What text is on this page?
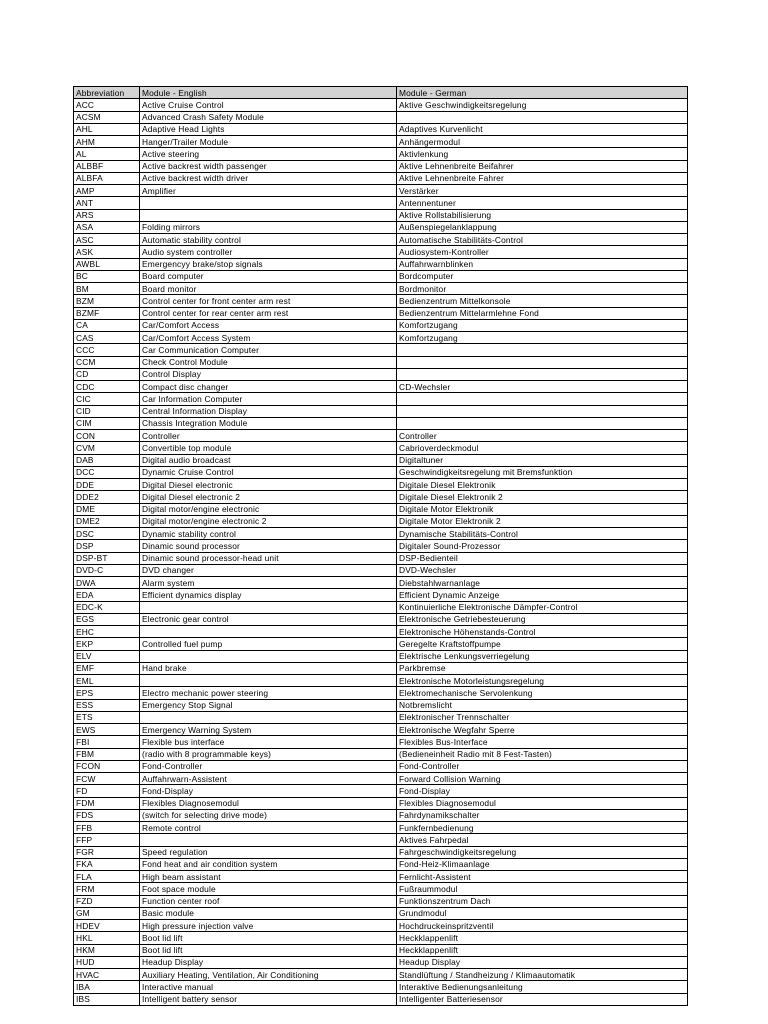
Abbreviation	Module - English	Module - German
ACC	Active Cruise Control	Aktive Geschwindigkeitsregelung
ACSM	Advanced Crash Safety Module	
AHL	Adaptive Head Lights	Adaptives Kurvenlicht
AHM	Hanger/Trailer Module	Anhängermodul
AL	Active steering	Aktivlenkung
ALBBF	Active backrest width passenger	Aktive Lehnenbreite Beifahrer
ALBFA	Active backrest width driver	Aktive Lehnenbreite Fahrer
AMP	Amplifier	Verstärker
ANT		Antennentuner
ARS		Aktive Rollstabilisierung
ASA	Folding mirrors	Außenspiegelanklappung
ASC	Automatic stability control	Automatische Stabilitäts-Control
ASK	Audio system controller	Audiosystem-Kontroller
AWBL	Emergencyy brake/stop signals	Auffahrwarnblinken
BC	Board computer	Bordcomputer
BM	Board monitor	Bordmonitor
BZM	Control center for front center arm rest	Bedienzentrum Mittelkonsole
BZMF	Control center for rear center arm rest	Bedienzentrum Mittelarmlehne Fond
CA	Car/Comfort Access	Komfortzugang
CAS	Car/Comfort Access System	Komfortzugang
CCC	Car Communication Computer	
CCM	Check Control Module	
CD	Control Display	
CDC	Compact disc changer	CD-Wechsler
CIC	Car Information Computer	
CID	Central Information Display	
CIM	Chassis Integration Module	
CON	Controller	Controller
CVM	Convertible top module	Cabrioverdeckmodul
DAB	Digital audio broadcast	Digitaltuner
DCC	Dynamic Cruise Control	Geschwindigkeitsregelung mit Bremsfunktion
DDE	Digital Diesel electronic	Digitale Diesel Elektronik
DDE2	Digital Diesel electronic 2	Digitale Diesel Elektronik 2
DME	Digital motor/engine electronic	Digitale Motor Elektronik
DME2	Digital motor/engine electronic 2	Digitale Motor Elektronik 2
DSC	Dynamic stability control	Dynamische Stabilitäts-Control
DSP	Dinamic sound processor	Digitaler Sound-Prozessor
DSP-BT	Dinamic sound processor-head unit	DSP-Bedienteil
DVD-C	DVD changer	DVD-Wechsler
DWA	Alarm system	Diebstahlwarnanlage
EDA	Efficient dynamics display	Efficient Dynamic Anzeige
EDC-K		Kontinuierliche Elektronische Dämpfer-Control
EGS	Electronic gear control	Elektronische Getriebesteuerung
EHC		Elektronische Höhenstands-Control
EKP	Controlled fuel pump	Geregelte Kraftstoffpumpe
ELV		Elektrische Lenkungsverriegelung
EMF	Hand brake	Parkbremse
EML		Elektronische Motorleistungsregelung
EPS	Electro mechanic power steering	Elektromechanische Servolenkung
ESS	Emergency Stop Signal	Notbremslicht
ETS		Elektronischer Trennschalter
EWS	Emergency Warning System	Elektronische Wegfahr Sperre
FBI	Flexible bus interface	Flexibles Bus-Interface
FBM	(radio with 8 programmable keys)	(Bedieneinheit Radio mit 8 Fest-Tasten)
FCON	Fond-Controller	Fond-Controller
FCW	Auffahrwarn-Assistent	Forward Collision Warning
FD	Fond-Display	Fond-Display
FDM	Flexibles Diagnosemodul	Flexibles Diagnosemodul
FDS	(switch for selecting drive mode)	Fahrdynamikschalter
FFB	Remote control	Funkfernbedienung
FFP		Aktives Fahrpedal
FGR	Speed regulation	Fahrgeschwindigkeitsregelung
FKA	Fond heat and air condition system	Fond-Heiz-Klimaanlage
FLA	High beam assistant	Fernlicht-Assistent
FRM	Foot space module	Fußraummodul
FZD	Function center roof	Funktionszentrum Dach
GM	Basic module	Grundmodul
HDEV	High pressure injection valve	Hochdruckeinspritzventil
HKL	Boot lid lift	Heckklappenlift
HKM	Boot lid lift	Heckklappenlift
HUD	Headup Display	Headup Display
HVAC	Auxiliary Heating, Ventilation, Air Conditioning	Standlüftung / Standheizung / Klimaautomatik
IBA	Interactive manual	Interaktive Bedienungsanleitung
IBS	Intelligent battery sensor	Intelligenter Batteriesensor
